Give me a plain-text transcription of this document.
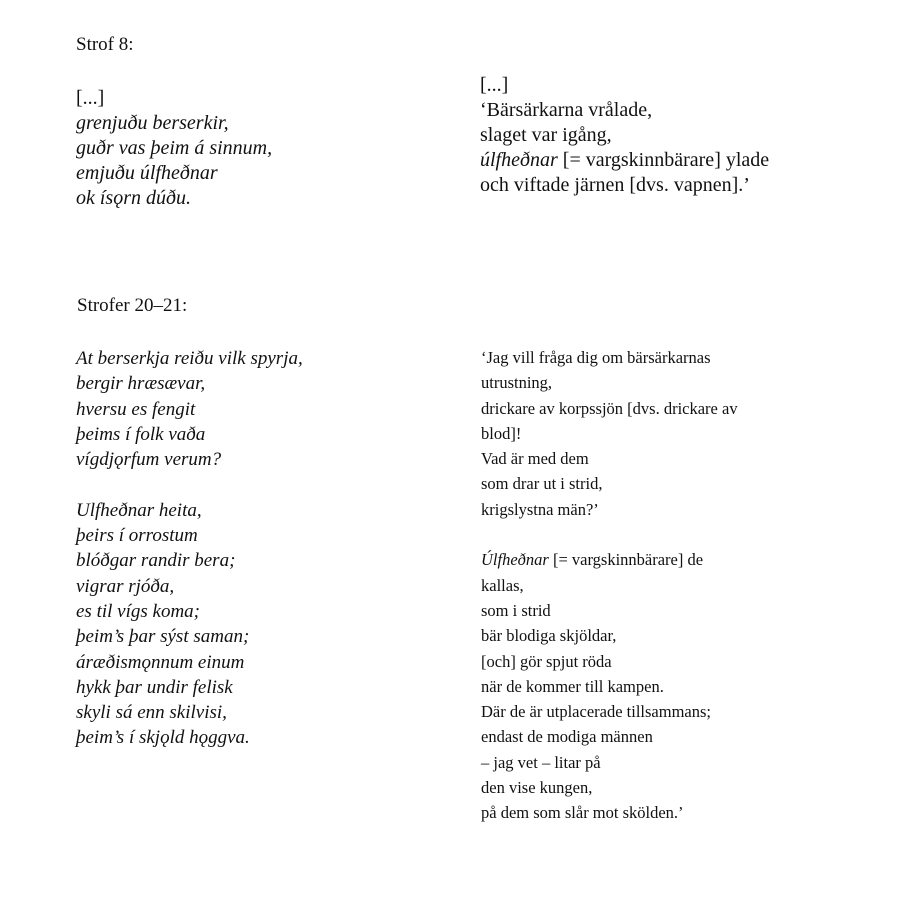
Strof 8:
[...]
grenjuðu berserkir,
guðr vas þeim á sinnum,
emjuðu úlfheðnar
ok ísǫrn dúðu.
[...]
‘Bärsärkarna vrålade,
slaget var igång,
úlfheðnar [= vargskinnbärare] ylade
och viftade järnen [dvs. vapnen].’
Strofer 20–21:
At berserkja reiðu vilk spyrja,
bergir hræsævar,
hversu es fengit
þeims í folk vaða
vígdjǫrfum verum?
Ulfheðnar heita,
þeirs í orrostum
blóðgar randir bera;
vigrar rjóða,
es til vígs koma;
þeim’s þar sýst saman;
áræðismǫnnum einum
hykk þar undir felisk
skyli sá enn skilvisi,
þeim’s í skjǫld hǫggva.
‘Jag vill fråga dig om bärsärkarnas
utrustning,
drickare av korpssjön [dvs. drickare av
blod]!
Vad är med dem
som drar ut i strid,
krigslystna män?’
Úlfheðnar [= vargskinnbärare] de
kallas,
som i strid
bär blodiga skjöldar,
[och] gör spjut röda
när de kommer till kampen.
Där de är utplacerade tillsammans;
endast de modiga männen
– jag vet – litar på
den vise kungen,
på dem som slår mot skölden.’
